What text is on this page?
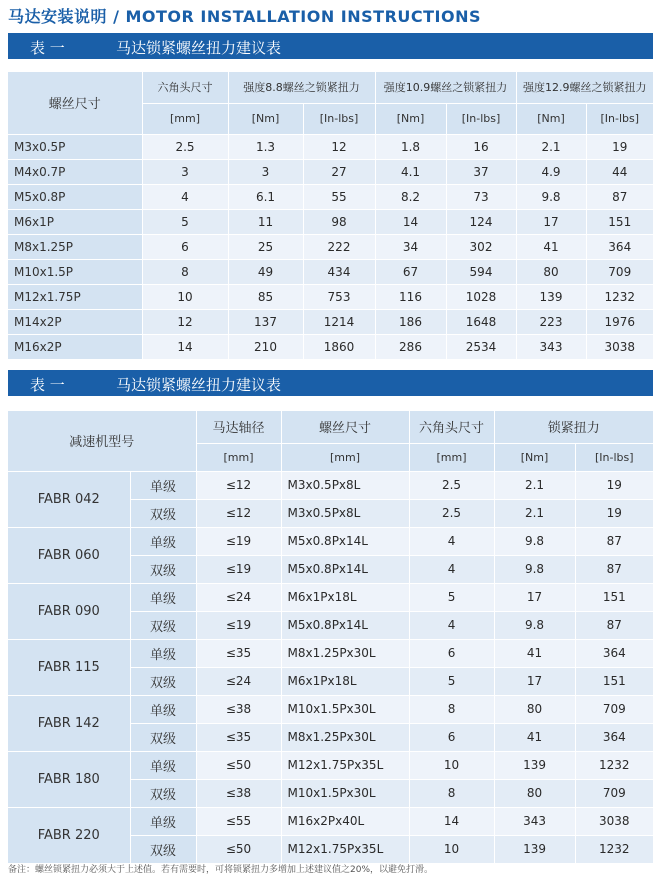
马达安装说明 / MOTOR INSTALLATION INSTRUCTIONS
表 一	马达锁紧螺丝扭力建议表
螺丝尺寸	六角头尺寸	强度8.8螺丝之锁紧扭力		强度10.9螺丝之锁紧扭力		强度12.9螺丝之锁紧扭力	
	[mm]	[Nm]	[In-lbs]	[Nm]	[In-lbs]	[Nm]	[In-lbs]
M3x0.5P	2.5	1.3	12	1.8	16	2.1	19
M4x0.7P	3	3	27	4.1	37	4.9	44
M5x0.8P	4	6.1	55	8.2	73	9.8	87
M6x1P	5	11	98	14	124	17	151
M8x1.25P	6	25	222	34	302	41	364
M10x1.5P	8	49	434	67	594	80	709
M12x1.75P	10	85	753	116	1028	139	1232
M14x2P	12	137	1214	186	1648	223	1976
M16x2P	14	210	1860	286	2534	343	3038
表 一	马达锁紧螺丝扭力建议表
减速机型号		马达轴径	螺丝尺寸	六角头尺寸	锁紧扭力	
		[mm]	[mm]	[mm]	[Nm]	[In-lbs]
FABR 042	单级	≤12	M3x0.5Px8L	2.5	2.1	19
	双级	≤12	M3x0.5Px8L	2.5	2.1	19
FABR 060	单级	≤19	M5x0.8Px14L	4	9.8	87
	双级	≤19	M5x0.8Px14L	4	9.8	87
FABR 090	单级	≤24	M6x1Px18L	5	17	151
	双级	≤19	M5x0.8Px14L	4	9.8	87
FABR 115	单级	≤35	M8x1.25Px30L	6	41	364
	双级	≤24	M6x1Px18L	5	17	151
FABR 142	单级	≤38	M10x1.5Px30L	8	80	709
	双级	≤35	M8x1.25Px30L	6	41	364
FABR 180	单级	≤50	M12x1.75Px35L	10	139	1232
	双级	≤38	M10x1.5Px30L	8	80	709
FABR 220	单级	≤55	M16x2Px40L	14	343	3038
	双级	≤50	M12x1.75Px35L	10	139	1232
备注：螺丝锁紧扭力必须大于上述值。若有需要时，可将锁紧扭力多增加上述建议值之20%，以避免打滑。
